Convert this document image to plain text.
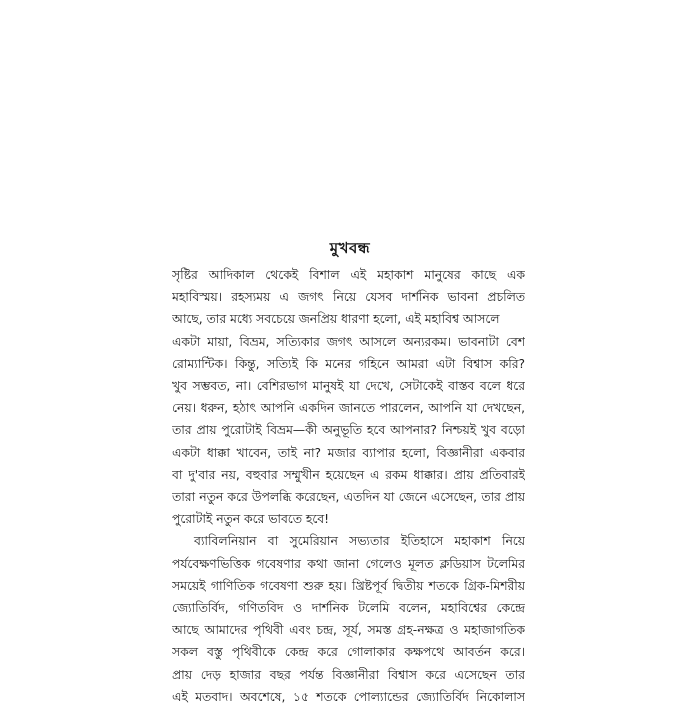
মুখবন্ধ
সৃষ্টির আদিকাল থেকেই বিশাল এই মহাকাশ মানুষের কাছে এক
মহাবিস্ময়। রহস্যময় এ জগৎ নিয়ে যেসব দার্শনিক ভাবনা প্রচলিত
আছে, তার মধ্যে সবচেয়ে জনপ্রিয় ধারণা হলো, এই মহাবিশ্ব আসলে
একটা মায়া, বিভ্রম, সত্যিকার জগৎ আসলে অন্যরকম। ভাবনাটা বেশ
রোম্যান্টিক। কিন্তু, সত্যিই কি মনের গহিনে আমরা এটা বিশ্বাস করি?
খুব সম্ভবত, না। বেশিরভাগ মানুষই যা দেখে, সেটাকেই বাস্তব বলে ধরে
নেয়। ধরুন, হঠাৎ আপনি একদিন জানতে পারলেন, আপনি যা দেখছেন,
তার প্রায় পুরোটাই বিভ্রম—কী অনুভূতি হবে আপনার? নিশ্চয়ই খুব বড়ো
একটা ধাক্কা খাবেন, তাই না? মজার ব্যাপার হলো, বিজ্ঞানীরা একবার
বা দু'বার নয়, বহুবার সম্মুখীন হয়েছেন এ রকম ধাক্কার। প্রায় প্রতিবারই
তারা নতুন করে উপলব্ধি করেছেন, এতদিন যা জেনে এসেছেন, তার প্রায়
পুরোটাই নতুন করে ভাবতে হবে!
ব্যাবিলনিয়ান বা সুমেরিয়ান সভ্যতার ইতিহাসে মহাকাশ নিয়ে
পর্যবেক্ষণভিত্তিক গবেষণার কথা জানা গেলেও মূলত ক্লডিয়াস টলেমির
সময়েই গাণিতিক গবেষণা শুরু হয়। খ্রিষ্টপূর্ব দ্বিতীয় শতকে গ্রিক-মিশরীয়
জ্যোতির্বিদ, গণিতবিদ ও দার্শনিক টলেমি বলেন, মহাবিশ্বের কেন্দ্রে
আছে আমাদের পৃথিবী এবং চন্দ্র, সূর্য, সমস্ত গ্রহ-নক্ষত্র ও মহাজাগতিক
সকল বস্তু পৃথিবীকে কেন্দ্র করে গোলাকার কক্ষপথে আবর্তন করে।
প্রায় দেড় হাজার বছর পর্যন্ত বিজ্ঞানীরা বিশ্বাস করে এসেছেন তার
এই মতবাদ। অবশেষে, ১৫ শতকে পোল্যান্ডের জ্যোতির্বিদ নিকোলাস
